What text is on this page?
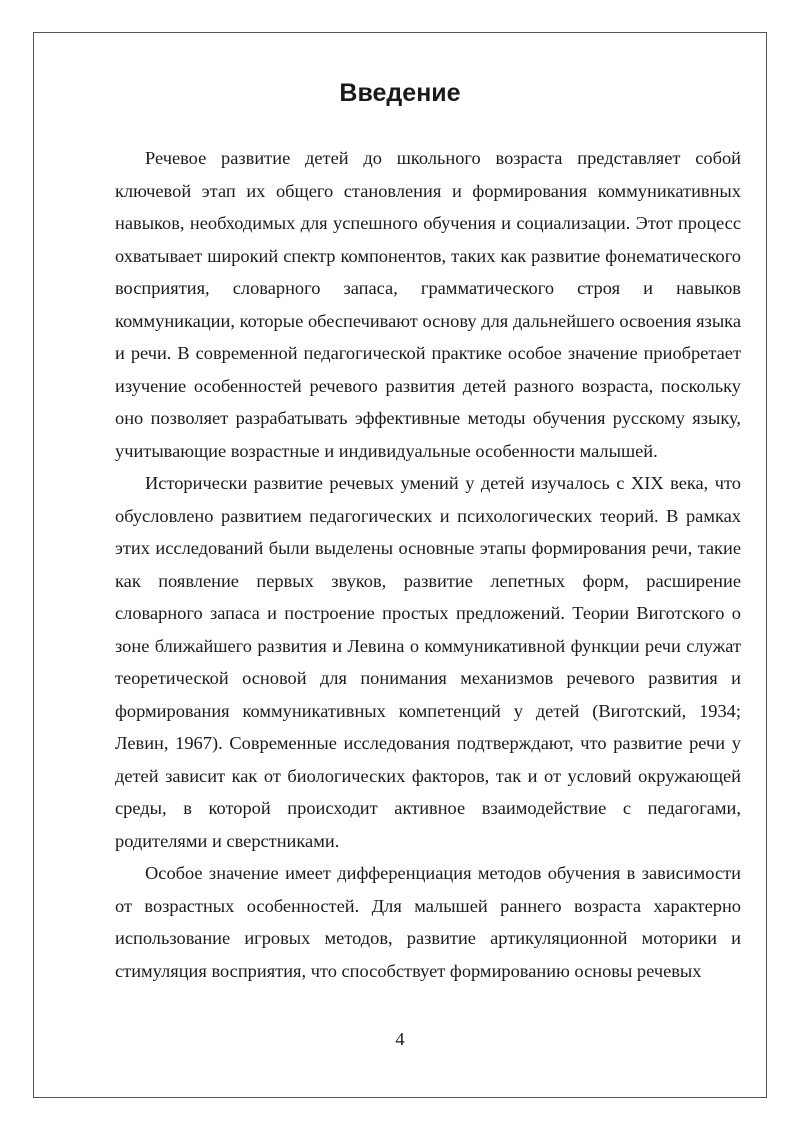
Введение

Речевое развитие детей до школьного возраста представляет собой ключевой этап их общего становления и формирования коммуникативных навыков, необходимых для успешного обучения и социализации. Этот процесс охватывает широкий спектр компонентов, таких как развитие фонематического восприятия, словарного запаса, грамматического строя и навыков коммуникации, которые обеспечивают основу для дальнейшего освоения языка и речи. В современной педагогической практике особое значение приобретает изучение особенностей речевого развития детей разного возраста, поскольку оно позволяет разрабатывать эффективные методы обучения русскому языку, учитывающие возрастные и индивидуальные особенности малышей.

Исторически развитие речевых умений у детей изучалось с XIX века, что обусловлено развитием педагогических и психологических теорий. В рамках этих исследований были выделены основные этапы формирования речи, такие как появление первых звуков, развитие лепетных форм, расширение словарного запаса и построение простых предложений. Теории Виготского о зоне ближайшего развития и Левина о коммуникативной функции речи служат теоретической основой для понимания механизмов речевого развития и формирования коммуникативных компетенций у детей (Виготский, 1934; Левин, 1967). Современные исследования подтверждают, что развитие речи у детей зависит как от биологических факторов, так и от условий окружающей среды, в которой происходит активное взаимодействие с педагогами, родителями и сверстниками.

Особое значение имеет дифференциация методов обучения в зависимости от возрастных особенностей. Для малышей раннего возраста характерно использование игровых методов, развитие артикуляционной моторики и стимуляция восприятия, что способствует формированию основы речевых

4
